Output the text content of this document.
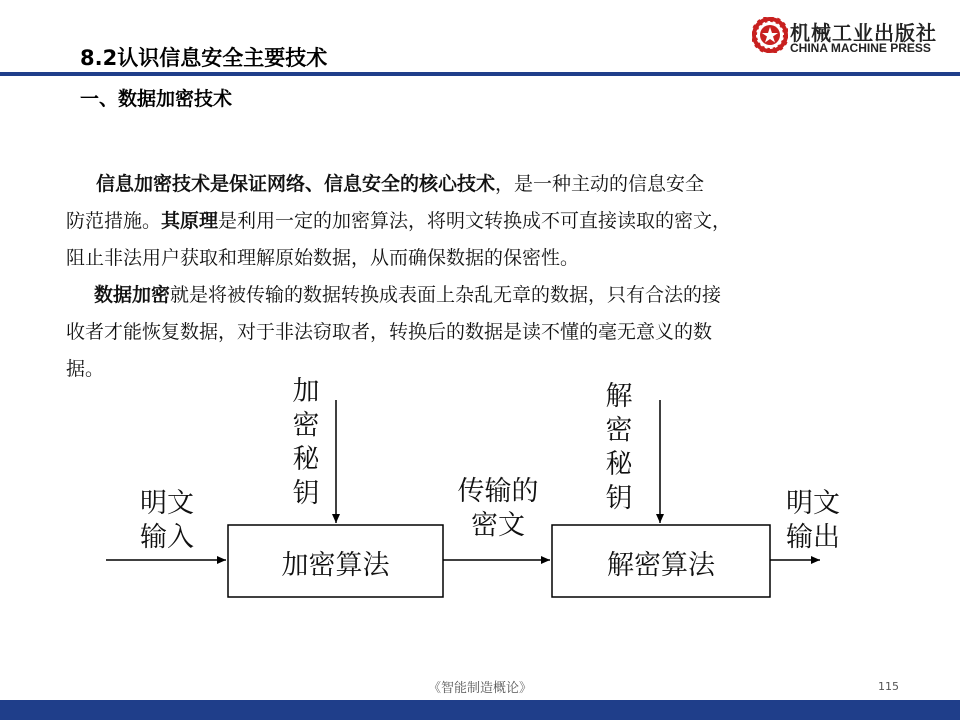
机械工业出版社
CHINA MACHINE PRESS
8.2认识信息安全主要技术
一、数据加密技术

信息加密技术是保证网络、信息安全的核心技术，是一种主动的信息安全

防范措施。其原理是利用一定的加密算法，将明文转换成不可直接读取的密文，

阻止非法用户获取和理解原始数据，从而确保数据的保密性。

数据加密就是将被传输的数据转换成表面上杂乱无章的数据，只有合法的接

收者才能恢复数据，对于非法窃取者，转换后的数据是读不懂的毫无意义的数

据。

明文
输入
加
密
秘
钥
加密算法
传输的
密文
解
密
秘
钥
解密算法
明文
输出
《智能制造概论》	115
